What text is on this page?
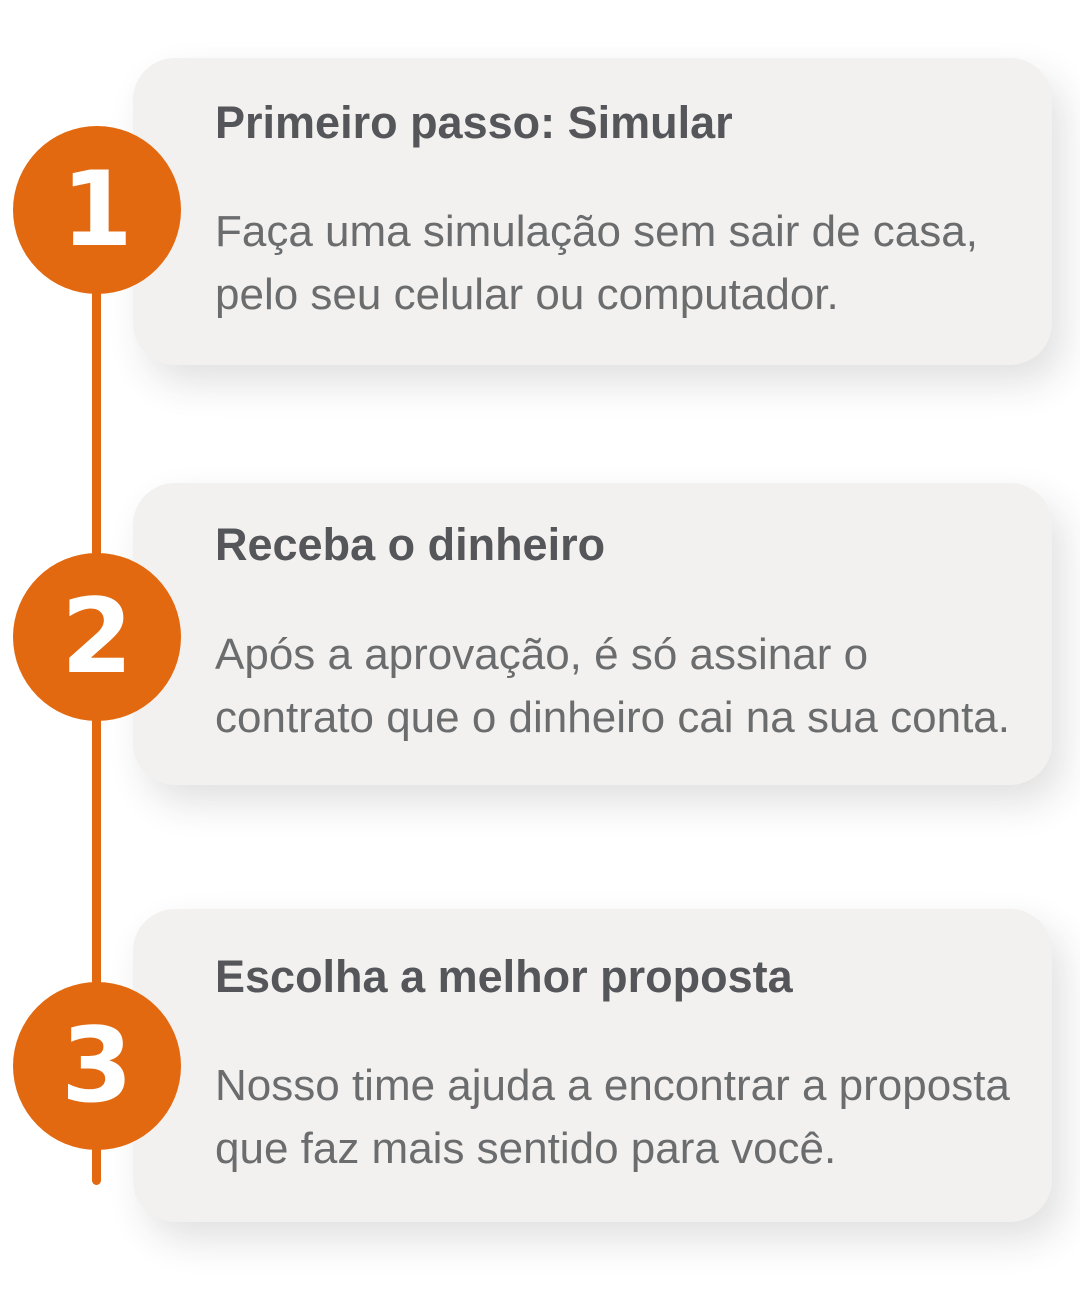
1
2
3
Primeiro passo: Simular

Faça uma simulação sem sair de casa, pelo seu celular ou computador.

Receba o dinheiro

Após a aprovação, é só assinar o contrato que o dinheiro cai na sua conta.

Escolha a melhor proposta

Nosso time ajuda a encontrar a proposta que faz mais sentido para você.
